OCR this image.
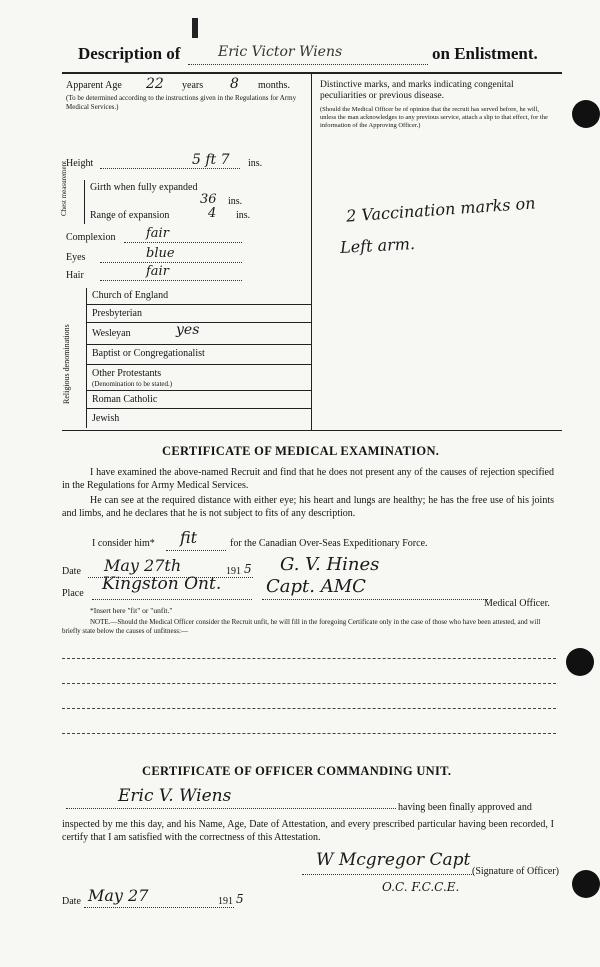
Description of	Eric Victor Wiens	on Enlistment.
Apparent Age 22 years 8 months.
(To be determined according to the instructions given in the Regulations for Army Medical Services.)
Height	5 ft 7 ins.
Chest measurement Girth when fully expanded
36 ins.
Range of expansion	4 ins.
Complexion fair
Eyes	blue
Hair	fair
Religious denominations
Church of England
Presbyterian
Wesleyan	yes
Baptist or Congregationalist
Other Protestants
(Denomination to be stated.)
Roman Catholic
Jewish
Distinctive marks, and marks indicating congenital peculiarities or previous disease.
(Should the Medical Officer be of opinion that the recruit has served before, he will, unless the man acknowledges to any previous service, attach a slip to that effect, for the information of the Approving Officer.)
2 Vaccination marks on
Left arm.
CERTIFICATE OF MEDICAL EXAMINATION.
I have examined the above-named Recruit and find that he does not present any of the causes of rejection specified in the Regulations for Army Medical Services.
He can see at the required distance with either eye; his heart and lungs are healthy; he has the free use of his joints and limbs, and he declares that he is not subject to fits of any description.
I consider him* fit	for the Canadian Over-Seas Expeditionary Force.
Date May 27th	191 5 G. V. Hines
Place Kingston Ont. Capt. AMC
Medical Officer.
*Insert here "fit" or "unfit."
NOTE.—Should the Medical Officer consider the Recruit unfit, he will fill in the foregoing Certificate only in the case of those who have been attested, and will briefly state below the causes of unfitness:—
CERTIFICATE OF OFFICER COMMANDING UNIT.
Eric V. Wiens
having been finally approved and
inspected by me this day, and his Name, Age, Date of Attestation, and every prescribed particular having been recorded, I certify that I am satisfied with the correctness of this Attestation.
W Mcgregor Capt
(Signature of Officer)
O.C. F.C.C.E.
Date May 27	191 5
